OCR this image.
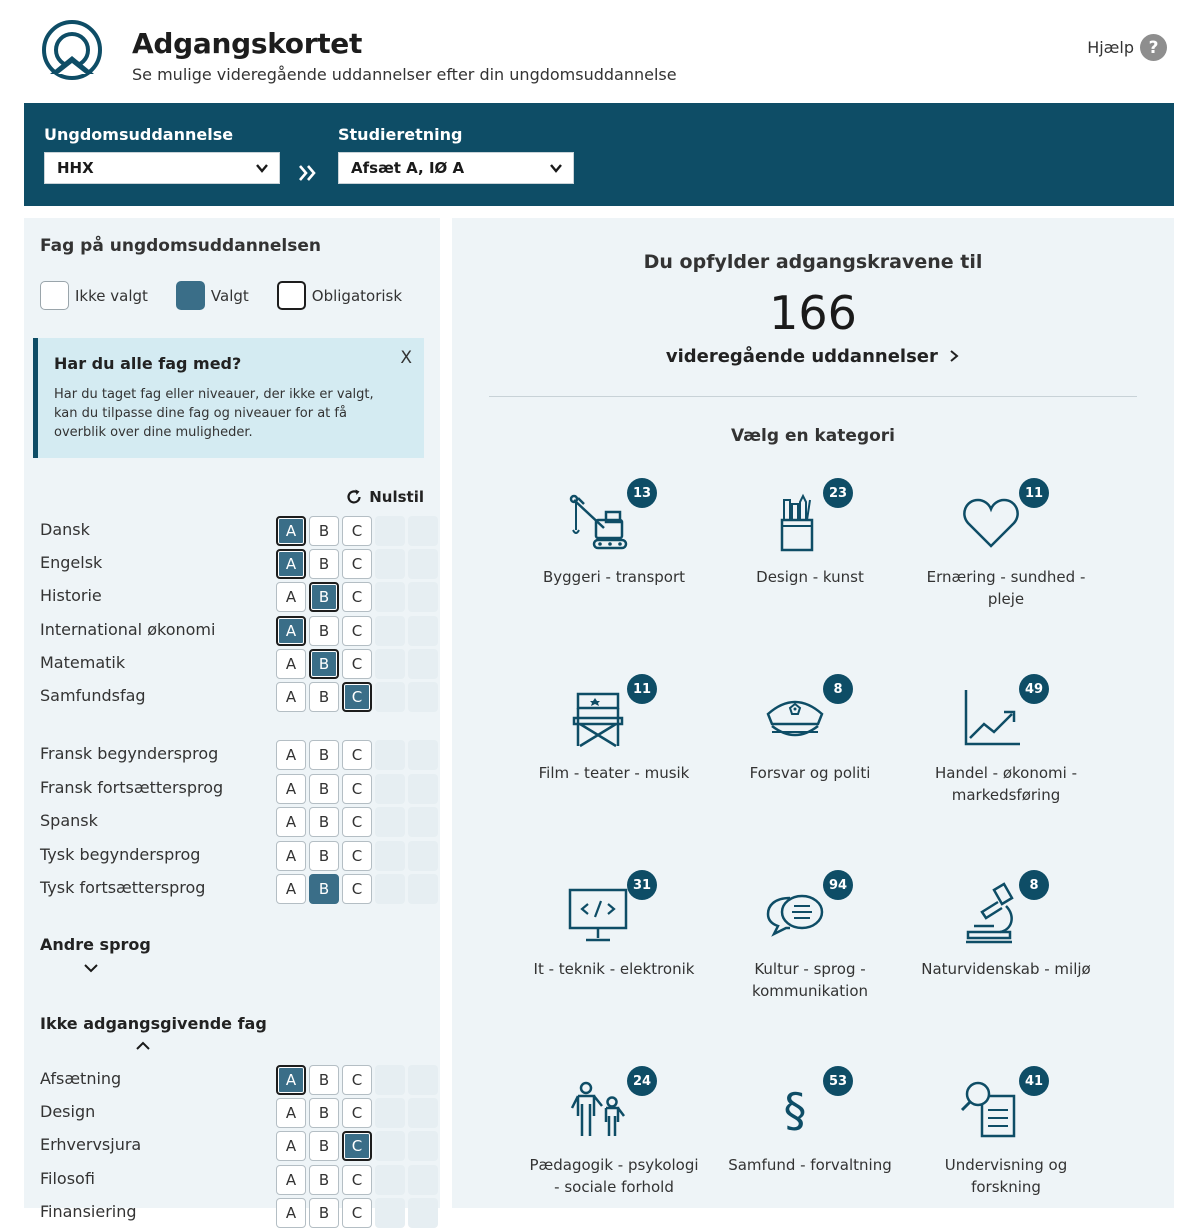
Adgangskortet
Se mulige videregående uddannelser efter din ungdomsuddannelse
Hjælp ?
Ungdomsuddannelse
HHX
Studieretning
Afsæt A, IØ A
Fag på ungdomsuddannelsen
Ikke valgt	Valgt	Obligatorisk
Har du alle fag med?
Har du taget fag eller niveauer, der ikke er valgt, kan du tilpasse dine fag og niveauer for at få overblik over dine muligheder.
X
Nulstil
Dansk	A	B	C
Engelsk	A	B	C
Historie	A	B	C
International økonomi	A	B	C
Matematik	A	B	C
Samfundsfag	A	B	C
Fransk begyndersprog	A	B	C
Fransk fortsættersprog	A	B	C
Spansk	A	B	C
Tysk begyndersprog	A	B	C
Tysk fortsættersprog	A	B	C
Andre sprog
Ikke adgangsgivende fag
Afsætning	A	B	C
Design	A	B	C
Erhvervsjura	A	B	C
Filosofi	A	B	C
Finansiering	A	B	C
Du opfylder adgangskravene til
166
videregående uddannelser
Vælg en kategori
13
Byggeri - transport
23
Design - kunst
11
Ernæring - sundhed - pleje
11
Film - teater - musik
8
Forsvar og politi
49
Handel - økonomi - markedsføring
31
It - teknik - elektronik
94
Kultur - sprog - kommunikation
8
Naturvidenskab - miljø
24
Pædagogik - psykologi - sociale forhold
§
53
Samfund - forvaltning
41
Undervisning og forskning
